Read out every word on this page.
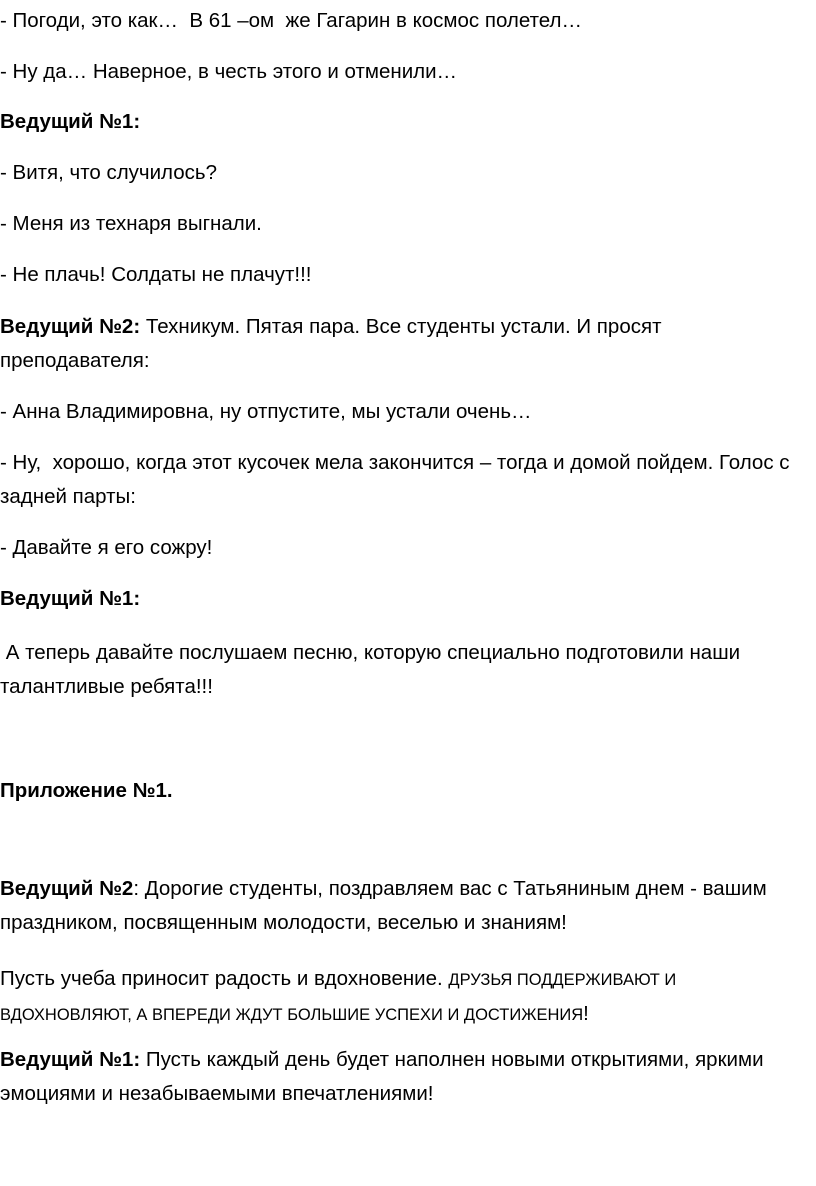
- Погоди, это как…  В 61 –ом  же Гагарин в космос полетел…

- Ну да… Наверное, в честь этого и отменили…

Ведущий №1:

- Витя, что случилось?

- Меня из технаря выгнали.

- Не плачь! Солдаты не плачут!!!

Ведущий №2: Техникум. Пятая пара. Все студенты устали. И просят преподавателя:

- Анна Владимировна, ну отпустите, мы устали очень…

- Ну,  хорошо, когда этот кусочек мела закончится – тогда и домой пойдем. Голос с задней парты:

- Давайте я его сожру!

Ведущий №1:

А теперь давайте послушаем песню, которую специально подготовили наши талантливые ребята!!!

Приложение №1.

Ведущий №2: Дорогие студенты, поздравляем вас с Татьяниным днем - вашим праздником, посвященным молодости, веселью и знаниям!

Пусть учеба приносит радость и вдохновение. ДРУЗЬЯ ПОДДЕРЖИВАЮТ И ВДОХНОВЛЯЮТ, А ВПЕРЕДИ ЖДУТ БОЛЬШИЕ УСПЕХИ И ДОСТИЖЕНИЯ!

Ведущий №1: Пусть каждый день будет наполнен новыми открытиями, яркими эмоциями и незабываемыми впечатлениями!
